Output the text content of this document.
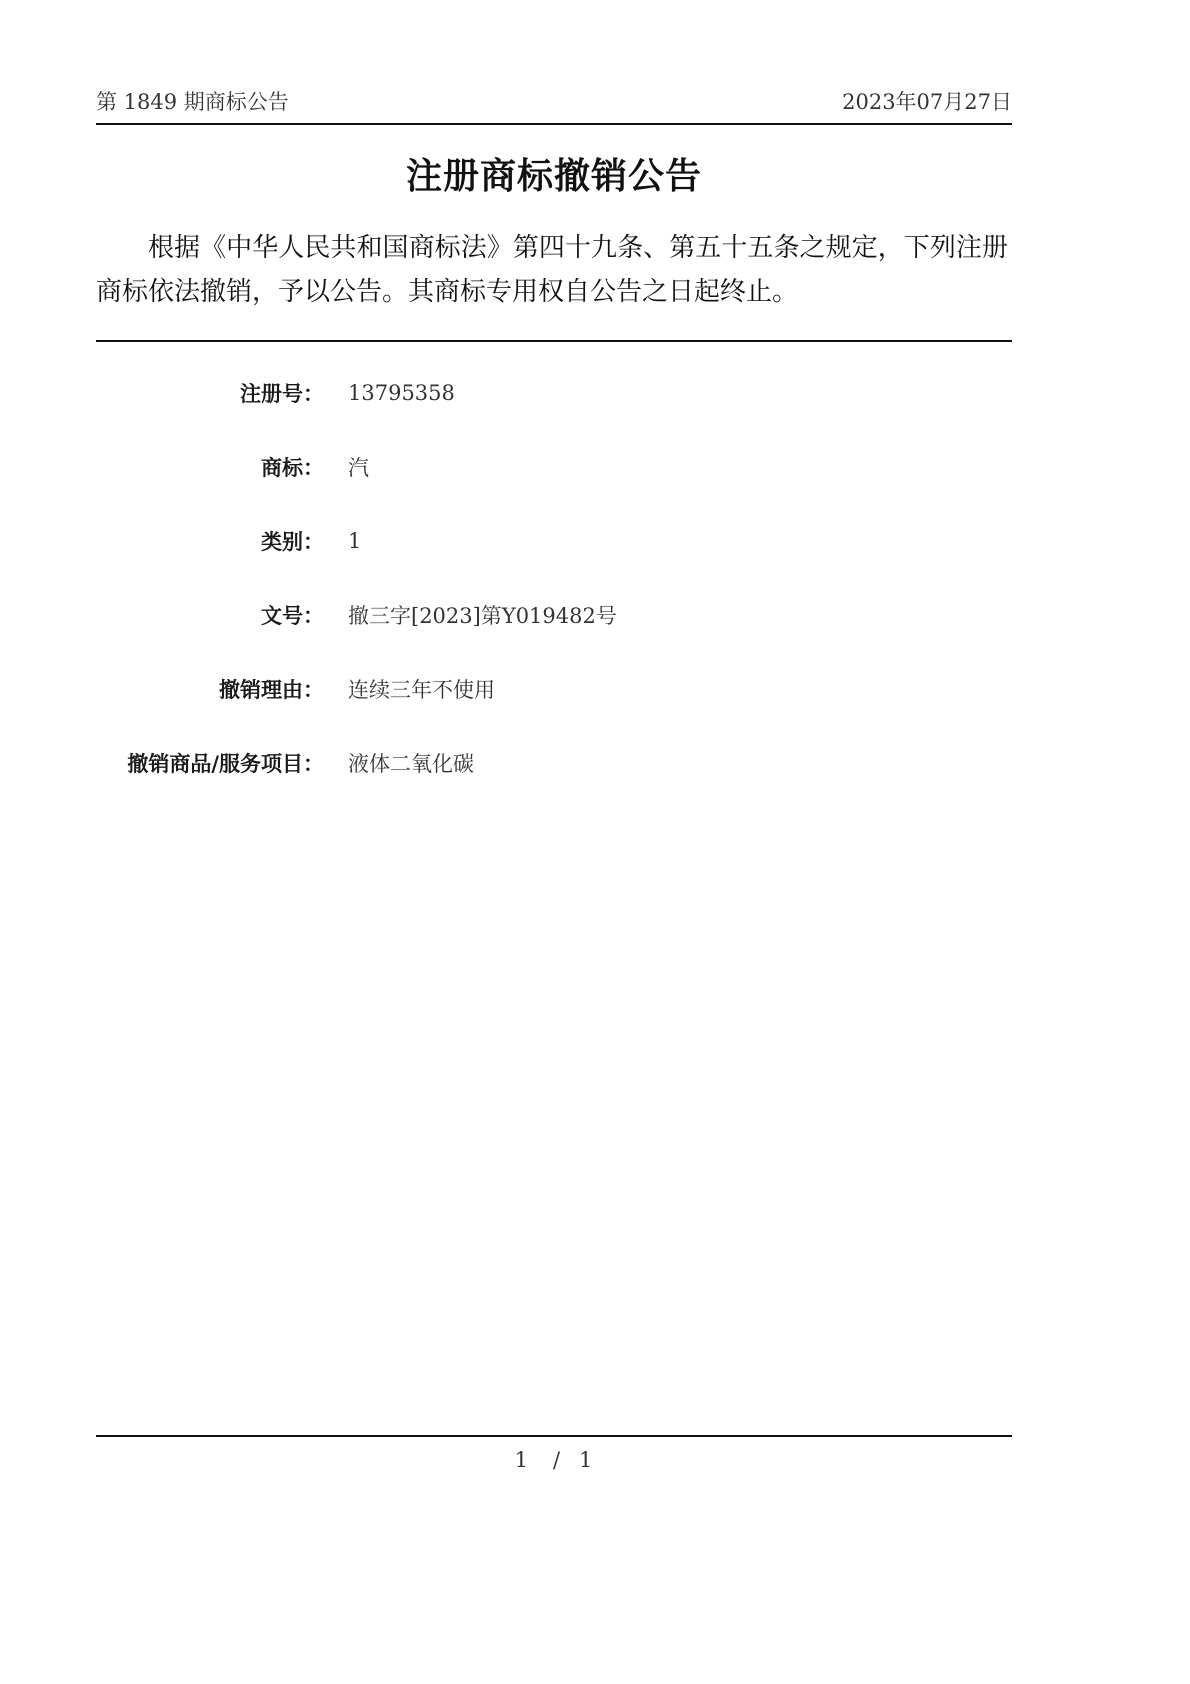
第 1849 期商标公告	2023年07月27日
注册商标撤销公告
根据《中华人民共和国商标法》第四十九条、第五十五条之规定，下列注册商标依法撤销，予以公告。其商标专用权自公告之日起终止。
注册号： 13795358
商标： 汽
类别： 1
文号： 撤三字[2023]第Y019482号
撤销理由： 连续三年不使用
撤销商品/服务项目： 液体二氧化碳
1 / 1
